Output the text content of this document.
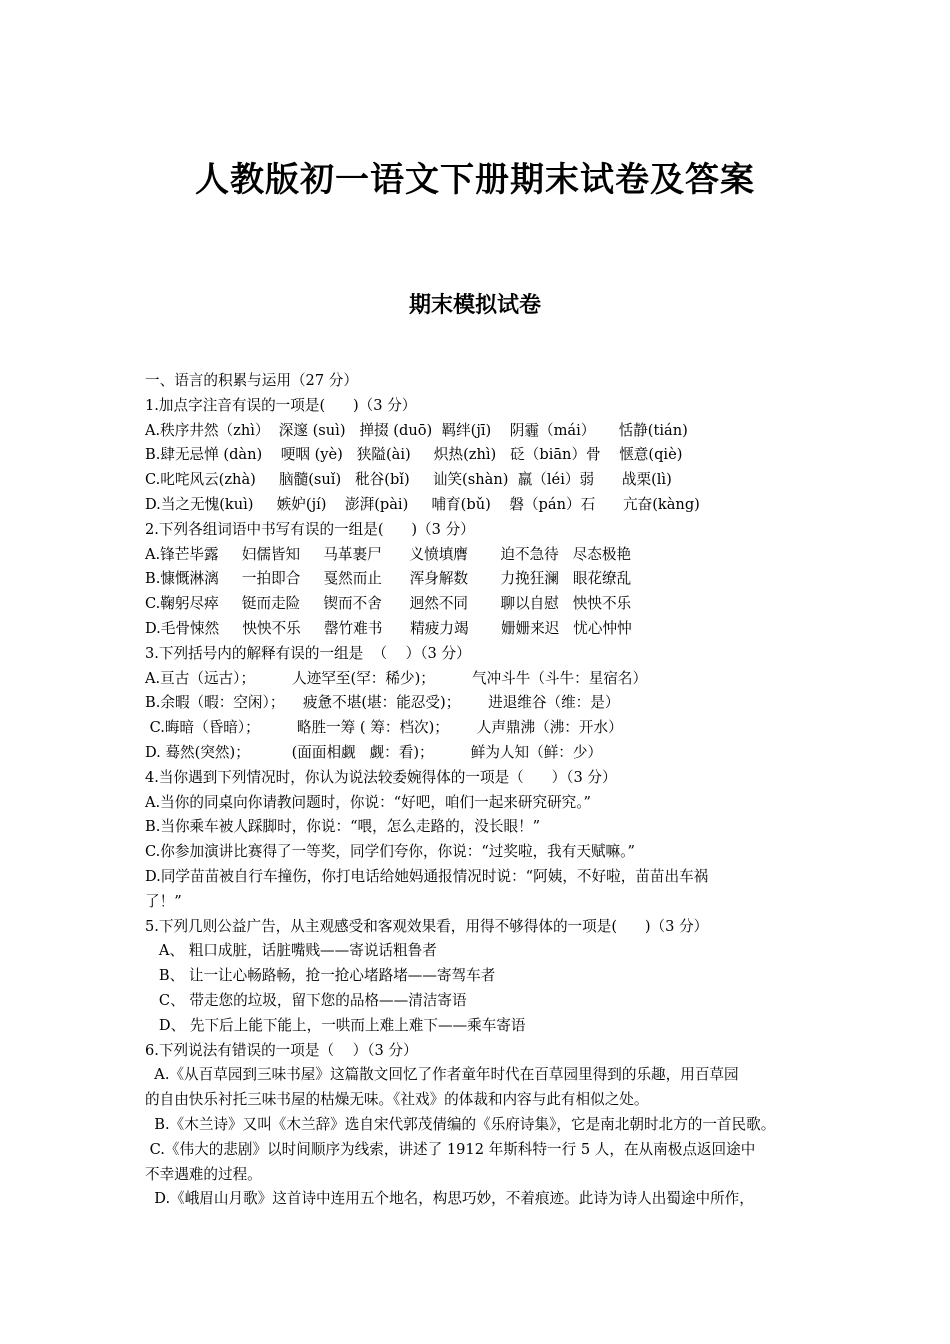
人教版初一语文下册期末试卷及答案
期末模拟试卷
一、语言的积累与运用（27 分）
1.加点字注音有误的一项是(      )（3 分）
A.秩序井然（zhì）  深邃 (suì)   掸掇 (duō)  羁绊(jī)    阴霾（mái）     恬静(tián)
B.肆无忌惮 (dàn)    哽咽 (yè)   狭隘(ài)     炽热(zhì)   砭（biān）骨    惬意(qiè)
C.叱咤风云(zhà)     脑髓(suǐ)   秕谷(bǐ)     讪笑(shàn)  羸（léi）弱      战栗(lì)
D.当之无愧(kuì)     嫉妒(jí)    澎湃(pài)     哺育(bǔ)    磐（pán）石      亢奋(kàng)
2.下列各组词语中书写有误的一组是(      )（3 分）
A.锋芒毕露     妇儒皆知     马革裹尸      义愤填膺       迫不急待   尽态极艳
B.慷慨淋漓     一拍即合     戛然而止      浑身解数       力挽狂澜   眼花缭乱
C.鞠躬尽瘁     铤而走险     锲而不舍      迥然不同       聊以自慰   怏怏不乐
D.毛骨悚然     怏怏不乐     罄竹难书      精疲力竭       姗姗来迟   忧心忡忡
3.下列括号内的解释有误的一组是  （    ）（3 分）
A.亘古（远古）；        人迹罕至(罕：稀少)；        气冲斗牛（斗牛：星宿名）
B.余暇（暇：空闲）；    疲惫不堪(堪：能忍受)；      进退维谷（维：是）
C.晦暗（昏暗）；        略胜一筹 ( 筹：档次)；      人声鼎沸（沸：开水）
D. 蓦然(突然)；         (面面相觑   觑：看)；        鲜为人知（鲜：少）
4.当你遇到下列情况时，你认为说法较委婉得体的一项是（      ）（3 分）
A.当你的同桌向你请教问题时，你说：“好吧，咱们一起来研究研究。”
B.当你乘车被人踩脚时，你说：“喂，怎么走路的，没长眼！”
C.你参加演讲比赛得了一等奖，同学们夸你，你说：“过奖啦，我有天赋嘛。”
D.同学苗苗被自行车撞伤，你打电话给她妈通报情况时说：“阿姨，不好啦，苗苗出车祸
了！”
5.下列几则公益广告，从主观感受和客观效果看，用得不够得体的一项是(      )（3 分）
A、 粗口成脏，话脏嘴贱——寄说话粗鲁者
B、 让一让心畅路畅，抢一抢心堵路堵——寄驾车者
C、 带走您的垃圾，留下您的品格——清洁寄语
D、 先下后上能下能上，一哄而上难上难下——乘车寄语
6.下列说法有错误的一项是（    ）（3 分）
A.《从百草园到三味书屋》这篇散文回忆了作者童年时代在百草园里得到的乐趣，用百草园
的自由快乐衬托三味书屋的枯燥无味。《社戏》的体裁和内容与此有相似之处。
B.《木兰诗》又叫《木兰辞》选自宋代郭茂倩编的《乐府诗集》，它是南北朝时北方的一首民歌。
C.《伟大的悲剧》以时间顺序为线索，讲述了 1912 年斯科特一行 5 人，在从南极点返回途中
不幸遇难的过程。
D.《峨眉山月歌》这首诗中连用五个地名，构思巧妙，不着痕迹。此诗为诗人出蜀途中所作，
